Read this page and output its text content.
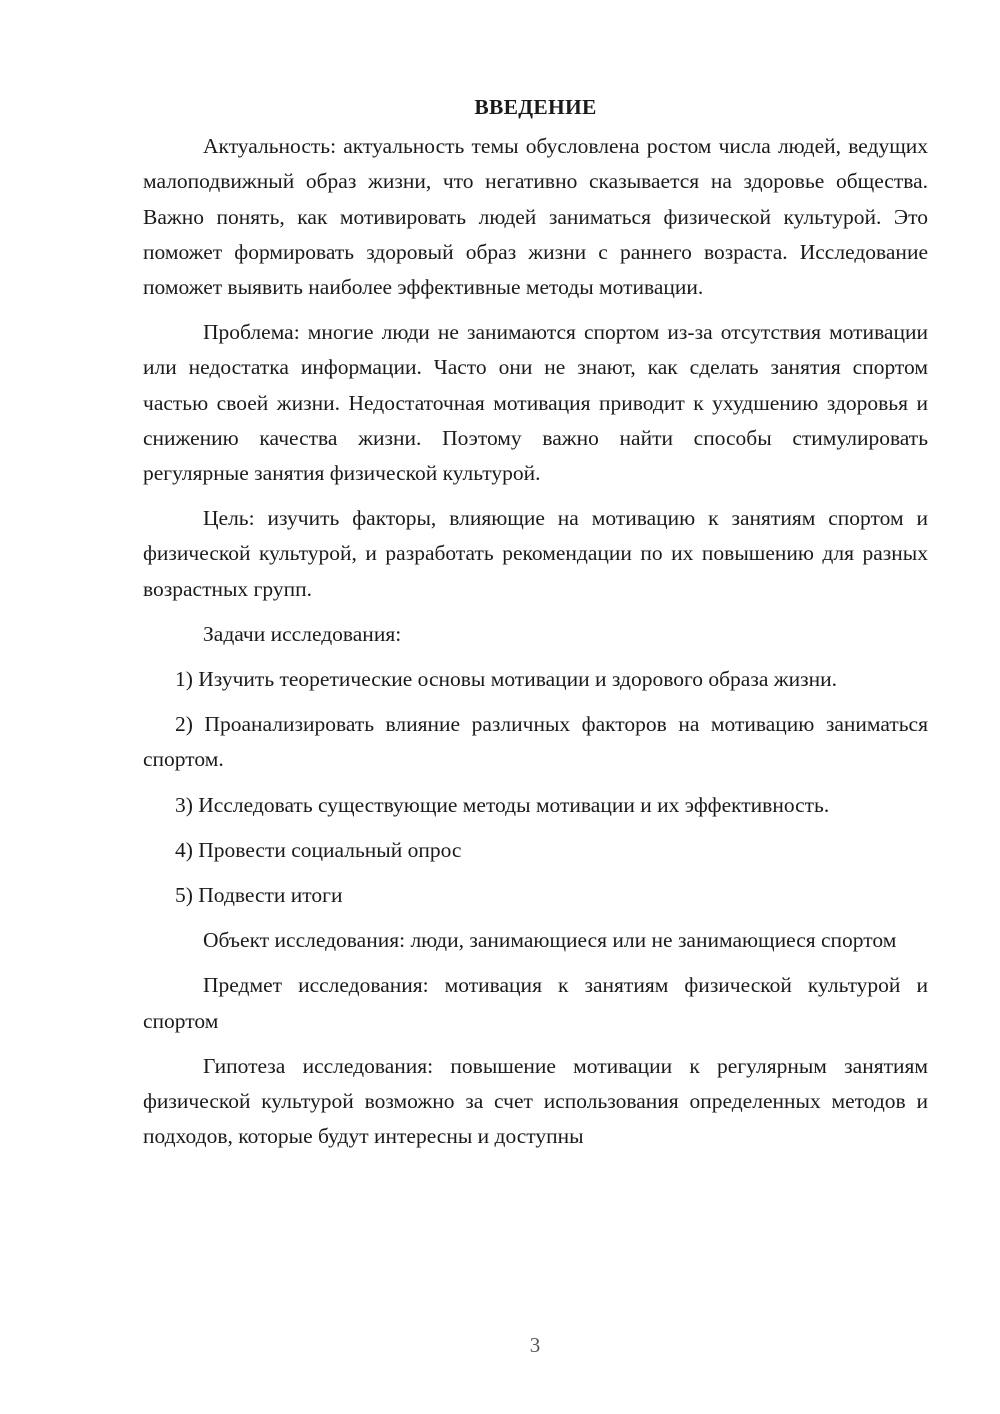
ВВЕДЕНИЕ

Актуальность: актуальность темы обусловлена ростом числа людей, ведущих малоподвижный образ жизни, что негативно сказывается на здоровье общества. Важно понять, как мотивировать людей заниматься физической культурой. Это поможет формировать здоровый образ жизни с раннего возраста. Исследование поможет выявить наиболее эффективные методы мотивации.

Проблема: многие люди не занимаются спортом из-за отсутствия мотивации или недостатка информации. Часто они не знают, как сделать занятия спортом частью своей жизни. Недостаточная мотивация приводит к ухудшению здоровья и снижению качества жизни. Поэтому важно найти способы стимулировать регулярные занятия физической культурой.

Цель: изучить факторы, влияющие на мотивацию к занятиям спортом и физической культурой, и разработать рекомендации по их повышению для разных возрастных групп.

Задачи исследования:

1) Изучить теоретические основы мотивации и здорового образа жизни.

2) Проанализировать влияние различных факторов на мотивацию заниматься спортом.

3) Исследовать существующие методы мотивации и их эффективность.

4) Провести социальный опрос

5) Подвести итоги

Объект исследования: люди, занимающиеся или не занимающиеся спортом

Предмет исследования: мотивация к занятиям физической культурой и спортом

Гипотеза исследования: повышение мотивации к регулярным занятиям физической культурой возможно за счет использования определенных методов и подходов, которые будут интересны и доступны

3
